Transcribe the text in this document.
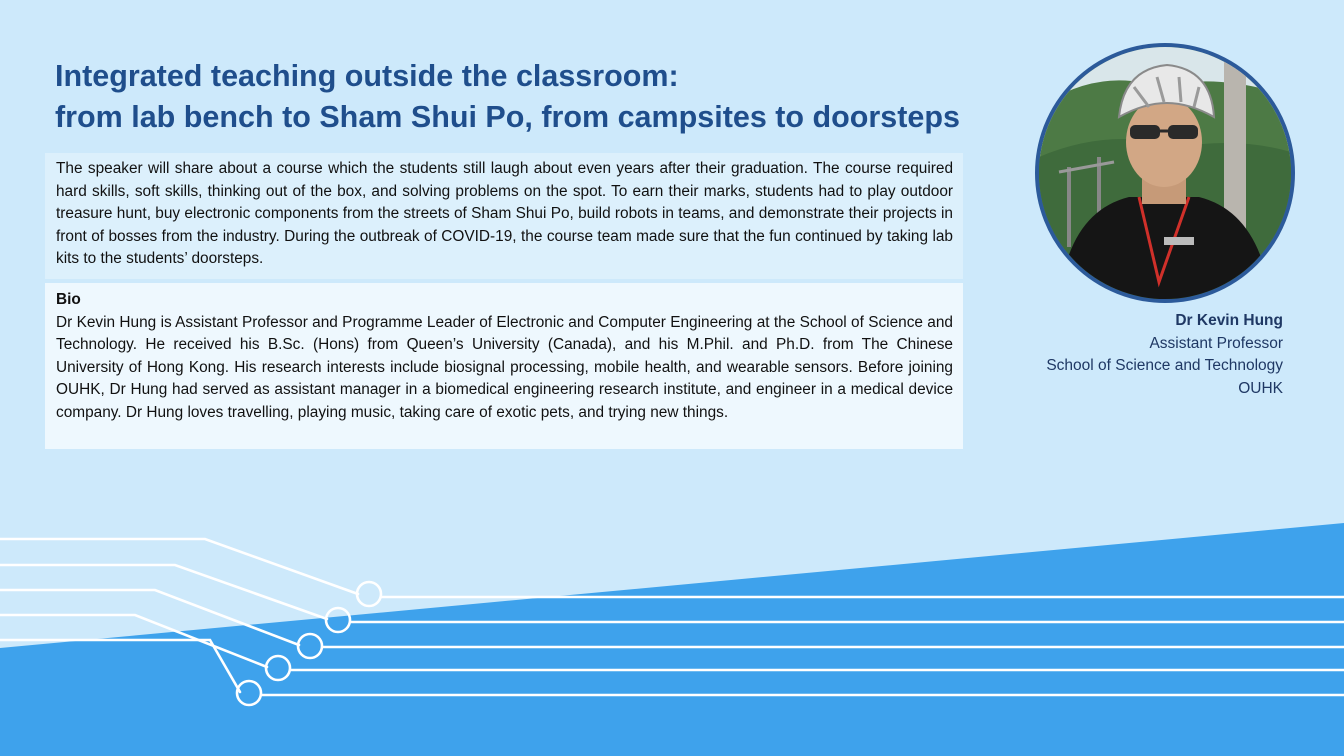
Integrated teaching outside the classroom:
from lab bench to Sham Shui Po, from campsites to doorsteps
The speaker will share about a course which the students still laugh about even years after their graduation. The course required hard skills, soft skills, thinking out of the box, and solving problems on the spot. To earn their marks, students had to play outdoor treasure hunt, buy electronic components from the streets of Sham Shui Po, build robots in teams, and demonstrate their projects in front of bosses from the industry. During the outbreak of COVID-19, the course team made sure that the fun continued by taking lab kits to the students’ doorsteps.
Bio
Dr Kevin Hung is Assistant Professor and Programme Leader of Electronic and Computer Engineering at the School of Science and Technology. He received his B.Sc. (Hons) from Queen’s University (Canada), and his M.Phil. and Ph.D. from The Chinese University of Hong Kong. His research interests include biosignal processing, mobile health, and wearable sensors. Before joining OUHK, Dr Hung had served as assistant manager in a biomedical engineering research institute, and engineer in a medical device company. Dr Hung loves travelling, playing music, taking care of exotic pets, and trying new things.
Dr Kevin Hung
Assistant Professor
School of Science and Technology
OUHK
